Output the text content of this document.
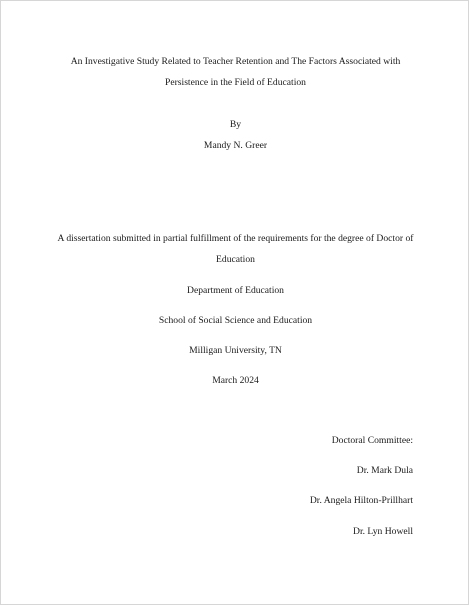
An Investigative Study Related to Teacher Retention and The Factors Associated with
Persistence in the Field of Education
By
Mandy N. Greer
A dissertation submitted in partial fulfillment of the requirements for the degree of Doctor of
Education
Department of Education
School of Social Science and Education
Milligan University, TN
March 2024
Doctoral Committee:
Dr. Mark Dula
Dr. Angela Hilton-Prillhart
Dr. Lyn Howell
